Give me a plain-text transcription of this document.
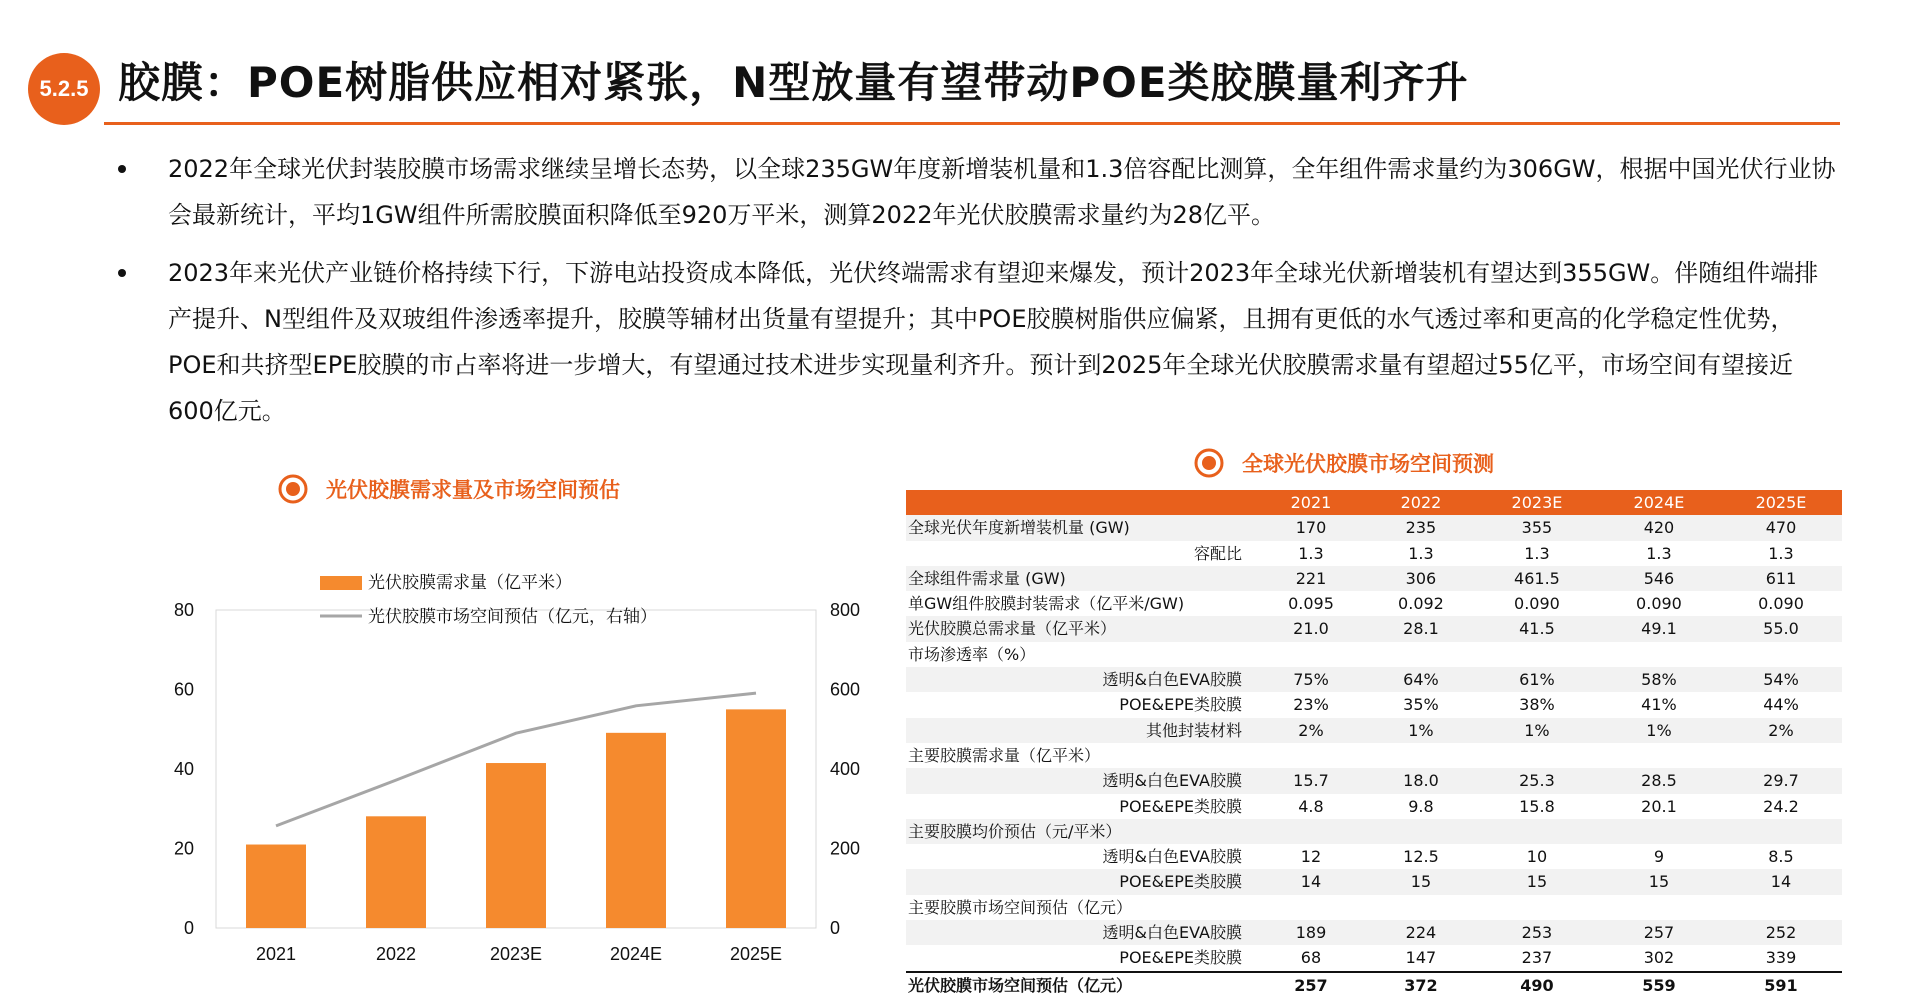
5.2.5 胶膜：POE树脂供应相对紧张，N型放量有望带动POE类胶膜量利齐升
2022年全球光伏封装胶膜市场需求继续呈增长态势，以全球235GW年度新增装机量和1.3倍容配比测算，全年组件需求量约为306GW，根据中国光伏行业协会最新统计，平均1GW组件所需胶膜面积降低至920万平米，测算2022年光伏胶膜需求量约为28亿平。
2023年来光伏产业链价格持续下行，下游电站投资成本降低，光伏终端需求有望迎来爆发，预计2023年全球光伏新增装机有望达到355GW。伴随组件端排产提升、N型组件及双玻组件渗透率提升，胶膜等辅材出货量有望提升；其中POE胶膜树脂供应偏紧，且拥有更低的水气透过率和更高的化学稳定性优势，POE和共挤型EPE胶膜的市占率将进一步增大，有望通过技术进步实现量利齐升。预计到2025年全球光伏胶膜需求量有望超过55亿平，市场空间有望接近600亿元。
光伏胶膜需求量及市场空间预估
全球光伏胶膜市场空间预测
0
20
40
60
80
0
200
400
600
800
2021	2022	2023E	2024E	2025E
光伏胶膜需求量（亿平米）
光伏胶膜市场空间预估（亿元，右轴）
	2021	2022	2023E	2024E	2025E
全球光伏年度新增装机量 (GW)	170	235	355	420	470
容配比	1.3	1.3	1.3	1.3	1.3
全球组件需求量 (GW)	221	306	461.5	546	611
单GW组件胶膜封装需求（亿平米/GW)	0.095	0.092	0.090	0.090	0.090
光伏胶膜总需求量（亿平米）	21.0	28.1	41.5	49.1	55.0
市场渗透率（%）					
透明&白色EVA胶膜	75%	64%	61%	58%	54%
POE&EPE类胶膜	23%	35%	38%	41%	44%
其他封装材料	2%	1%	1%	1%	2%
主要胶膜需求量（亿平米）					
透明&白色EVA胶膜	15.7	18.0	25.3	28.5	29.7
POE&EPE类胶膜	4.8	9.8	15.8	20.1	24.2
主要胶膜均价预估（元/平米）					
透明&白色EVA胶膜	12	12.5	10	9	8.5
POE&EPE类胶膜	14	15	15	15	14
主要胶膜市场空间预估（亿元）					
透明&白色EVA胶膜	189	224	253	257	252
POE&EPE类胶膜	68	147	237	302	339
光伏胶膜市场空间预估（亿元）	257	372	490	559	591
